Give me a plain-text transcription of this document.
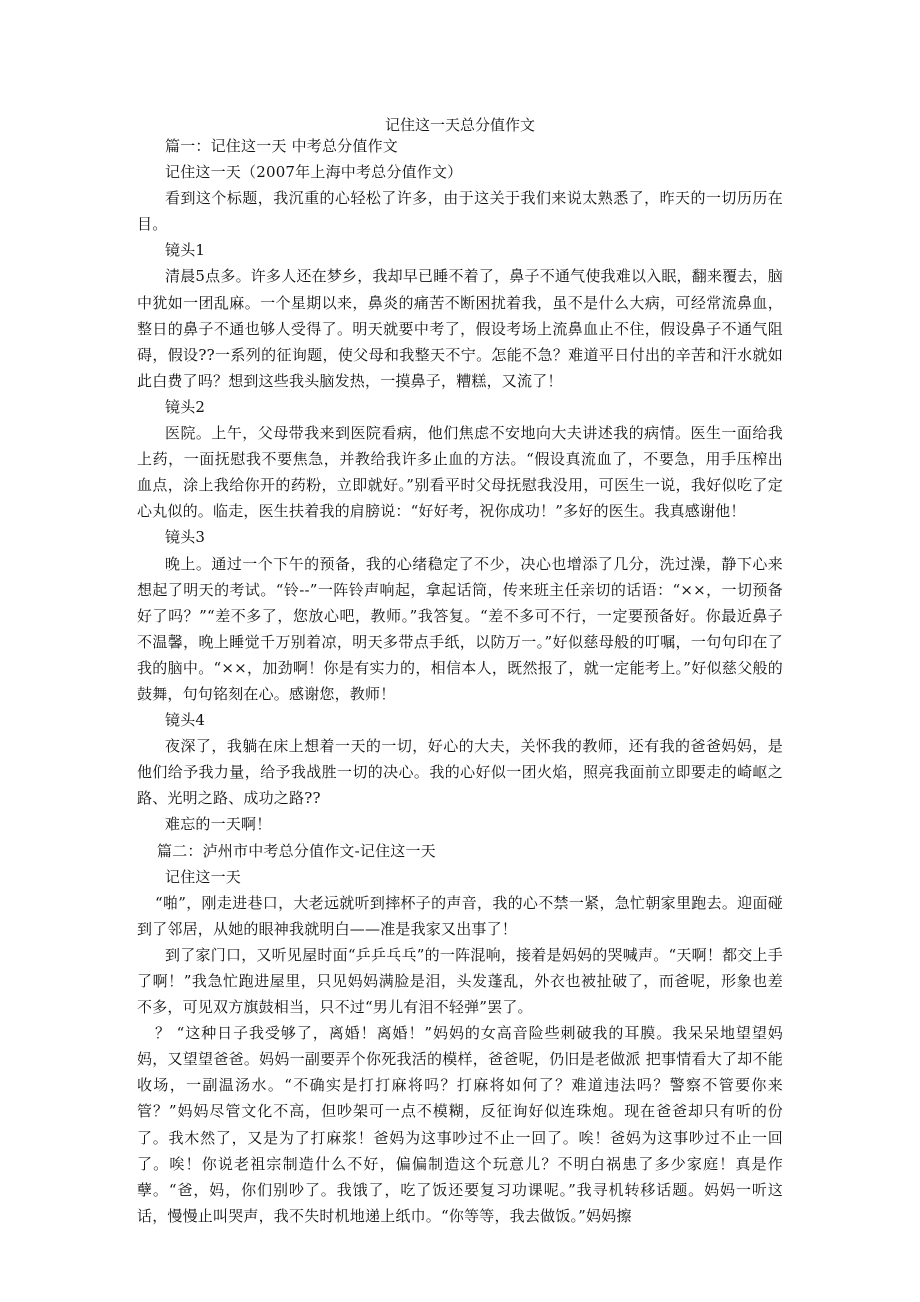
记住这一天总分值作文

篇一：记住这一天 中考总分值作文

记住这一天（2007年上海中考总分值作文）

看到这个标题，我沉重的心轻松了许多，由于这关于我们来说太熟悉了，昨天的一切历历在目。

镜头1

清晨5点多。许多人还在梦乡，我却早已睡不着了，鼻子不通气使我难以入眠，翻来覆去，脑中犹如一团乱麻。一个星期以来，鼻炎的痛苦不断困扰着我，虽不是什么大病，可经常流鼻血，整日的鼻子不通也够人受得了。明天就要中考了，假设考场上流鼻血止不住，假设鼻子不通气阻碍，假设??一系列的征询题，使父母和我整天不宁。怎能不急？难道平日付出的辛苦和汗水就如此白费了吗？想到这些我头脑发热，一摸鼻子，糟糕，又流了！

镜头2

医院。上午，父母带我来到医院看病，他们焦虑不安地向大夫讲述我的病情。医生一面给我上药，一面抚慰我不要焦急，并教给我许多止血的方法。“假设真流血了，不要急，用手压榨出血点，涂上我给你开的药粉，立即就好。”别看平时父母抚慰我没用，可医生一说，我好似吃了定心丸似的。临走，医生扶着我的肩膀说：“好好考，祝你成功！”多好的医生。我真感谢他！

镜头3

晚上。通过一个下午的预备，我的心绪稳定了不少，决心也增添了几分，洗过澡，静下心来想起了明天的考试。“铃--”一阵铃声响起，拿起话筒，传来班主任亲切的话语：“××，一切预备好了吗？”“差不多了，您放心吧，教师。”我答复。“差不多可不行，一定要预备好。你最近鼻子不温馨，晚上睡觉千万别着凉，明天多带点手纸，以防万一。”好似慈母般的叮嘱，一句句印在了我的脑中。“××，加劲啊！你是有实力的，相信本人，既然报了，就一定能考上。”好似慈父般的鼓舞，句句铭刻在心。感谢您，教师！

镜头4

夜深了，我躺在床上想着一天的一切，好心的大夫，关怀我的教师，还有我的爸爸妈妈，是他们给予我力量，给予我战胜一切的决心。我的心好似一团火焰，照亮我面前立即要走的崎岖之路、光明之路、成功之路??

难忘的一天啊！

篇二：泸州市中考总分值作文-记住这一天

记住这一天

“啪”，刚走进巷口，大老远就听到摔杯子的声音，我的心不禁一紧，急忙朝家里跑去。迎面碰到了邻居，从她的眼神我就明白——准是我家又出事了！

到了家门口，又听见屋时面“乒乒乓乓”的一阵混响，接着是妈妈的哭喊声。“天啊！都交上手了啊！”我急忙跑进屋里，只见妈妈满脸是泪，头发蓬乱，外衣也被扯破了，而爸呢，形象也差不多，可见双方旗鼓相当，只不过“男儿有泪不轻弹”罢了。

？ “这种日子我受够了，离婚！离婚！”妈妈的女高音险些刺破我的耳膜。我呆呆地望望妈妈，又望望爸爸。妈妈一副要弄个你死我活的模样，爸爸呢，仍旧是老做派 把事情看大了却不能收场，一副温汤水。“不确实是打打麻将吗？打麻将如何了？难道违法吗？警察不管要你来管？”妈妈尽管文化不高，但吵架可一点不模糊，反征询好似连珠炮。现在爸爸却只有听的份了。我木然了，又是为了打麻浆！爸妈为这事吵过不止一回了。唉！爸妈为这事吵过不止一回了。唉！你说老祖宗制造什么不好，偏偏制造这个玩意儿？不明白祸患了多少家庭！真是作孽。“爸，妈，你们别吵了。我饿了，吃了饭还要复习功课呢。”我寻机转移话题。妈妈一听这话，慢慢止叫哭声，我不失时机地递上纸巾。“你等等，我去做饭。”妈妈擦
